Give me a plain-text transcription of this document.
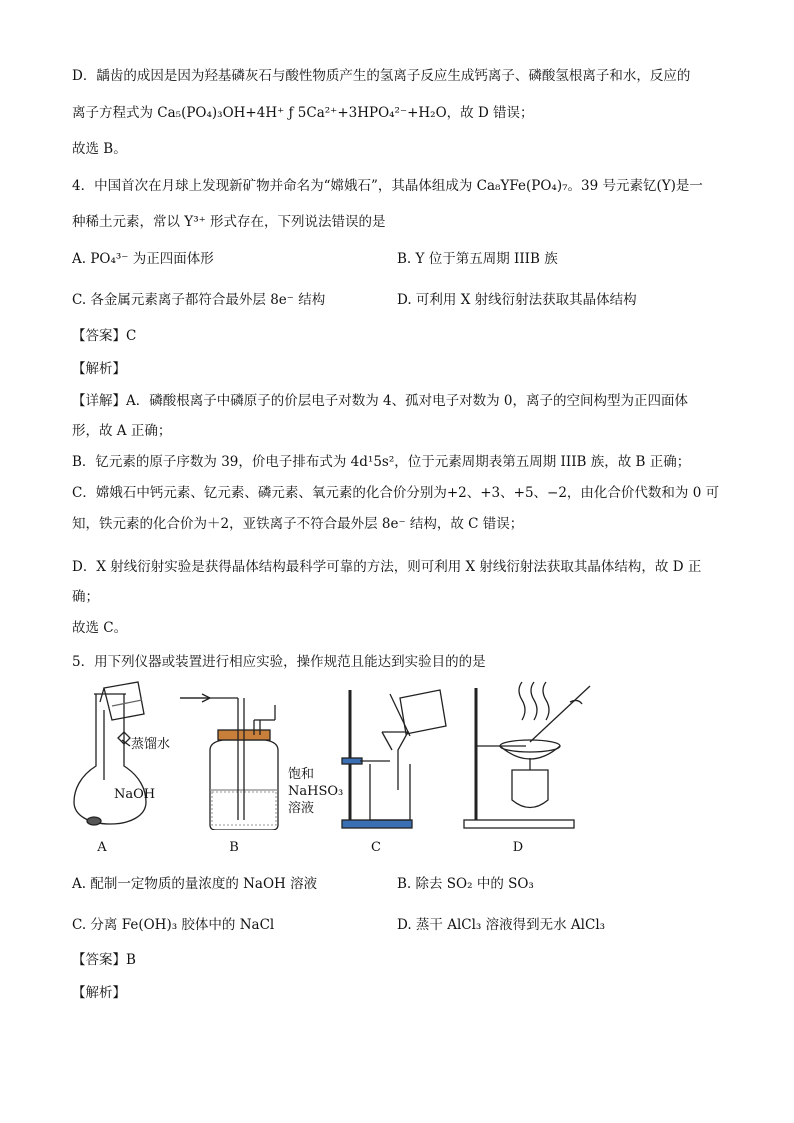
D．龋齿的成因是因为羟基磷灰石与酸性物质产生的氢离子反应生成钙离子、磷酸氢根离子和水，反应的
离子方程式为 Ca₅(PO₄)₃OH+4H⁺ ƒ 5Ca²⁺+3HPO₄²⁻+H₂O，故 D 错误；
故选 B。
4．中国首次在月球上发现新矿物并命名为“嫦娥石”，其晶体组成为 Ca₈YFe(PO₄)₇。39 号元素钇(Y)是一
种稀土元素，常以 Y³⁺ 形式存在，下列说法错误的是
A. PO₄³⁻ 为正四面体形	B. Y 位于第五周期 IIIB 族
C. 各金属元素离子都符合最外层 8e⁻ 结构	D. 可利用 X 射线衍射法获取其晶体结构
【答案】C
【解析】
【详解】A．磷酸根离子中磷原子的价层电子对数为 4、孤对电子对数为 0，离子的空间构型为正四面体
形，故 A 正确；
B．钇元素的原子序数为 39，价电子排布式为 4d¹5s²，位于元素周期表第五周期 IIIB 族，故 B 正确；
C．嫦娥石中钙元素、钇元素、磷元素、氧元素的化合价分别为+2、+3、+5、−2，由化合价代数和为 0 可
知，铁元素的化合价为＋2，亚铁离子不符合最外层 8e⁻ 结构，故 C 错误；
D．X 射线衍射实验是获得晶体结构最科学可靠的方法，则可利用 X 射线衍射法获取其晶体结构，故 D 正
确；
故选 C。
5．用下列仪器或装置进行相应实验，操作规范且能达到实验目的的是
蒸馏水
NaOH
饱和
NaHSO₃
溶液
A	B	C	D
A. 配制一定物质的量浓度的 NaOH 溶液	B. 除去 SO₂ 中的 SO₃
C. 分离 Fe(OH)₃ 胶体中的 NaCl	D. 蒸干 AlCl₃ 溶液得到无水 AlCl₃
【答案】B
【解析】
